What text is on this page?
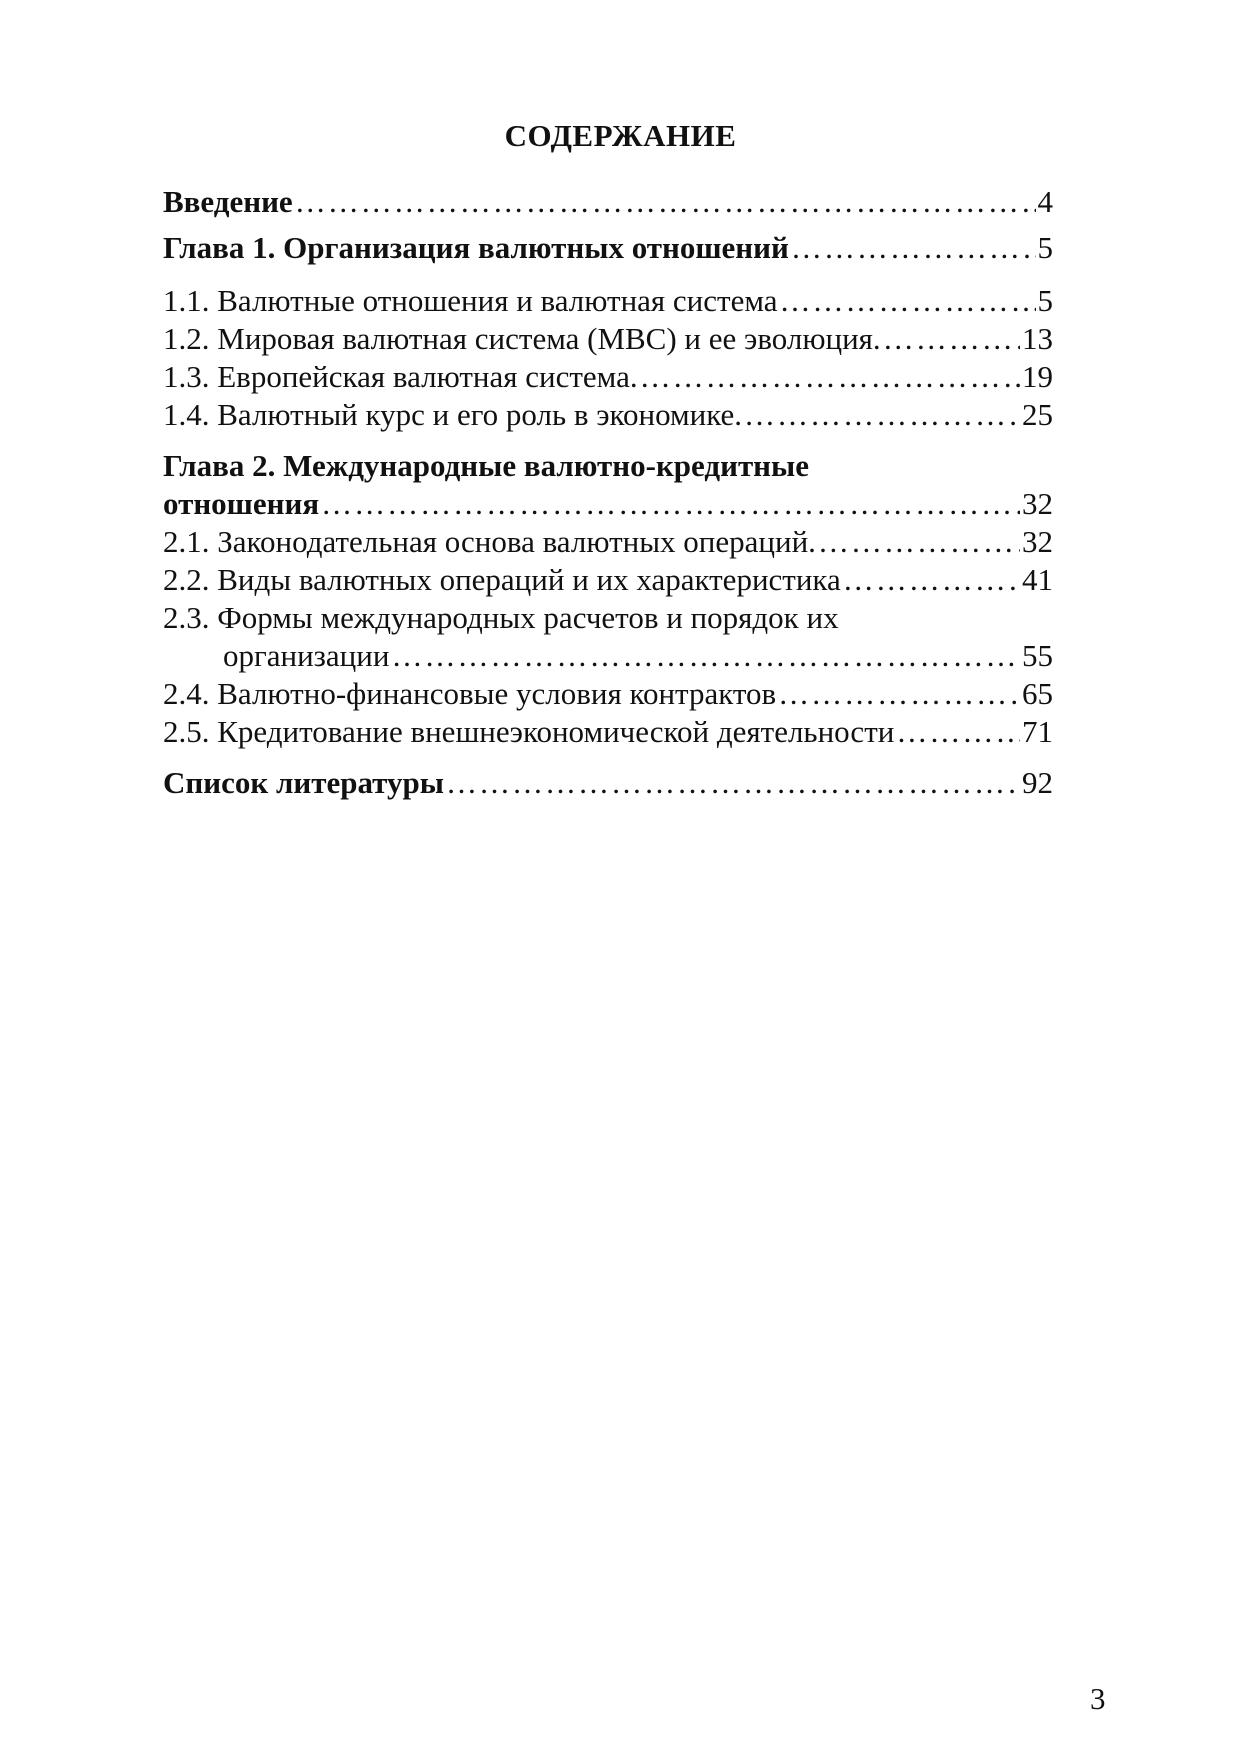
СОДЕРЖАНИЕ
Введение ……………………………………………………………………………………………………………………………………………………………………………………	4
Глава 1. Организация валютных отношений ……………………………………………………………………………………………………………………………………………………………………………………	5
1.1. Валютные отношения и валютная система ……………………………………………………………………………………………………………………………………………………………………………………	5
1.2. Мировая валютная система (МВС) и ее эволюция. ……………………………………………………………………………………………………………………………………………………………………………………	13
1.3. Европейская валютная система. ……………………………………………………………………………………………………………………………………………………………………………………	19
1.4. Валютный курс и его роль в экономике. ……………………………………………………………………………………………………………………………………………………………………………………	25
Глава 2. Международные валютно-кредитные
отношения ……………………………………………………………………………………………………………………………………………………………………………………	32
2.1. Законодательная основа валютных операций. ……………………………………………………………………………………………………………………………………………………………………………………	32
2.2. Виды валютных операций и их характеристика ……………………………………………………………………………………………………………………………………………………………………………………	41
2.3. Формы международных расчетов и порядок их
организации ……………………………………………………………………………………………………………………………………………………………………………………	55
2.4. Валютно-финансовые условия контрактов ……………………………………………………………………………………………………………………………………………………………………………………	65
2.5. Кредитование внешнеэкономической деятельности ……………………………………………………………………………………………………………………………………………………………………………………	71
Список литературы ……………………………………………………………………………………………………………………………………………………………………………………	92
3
